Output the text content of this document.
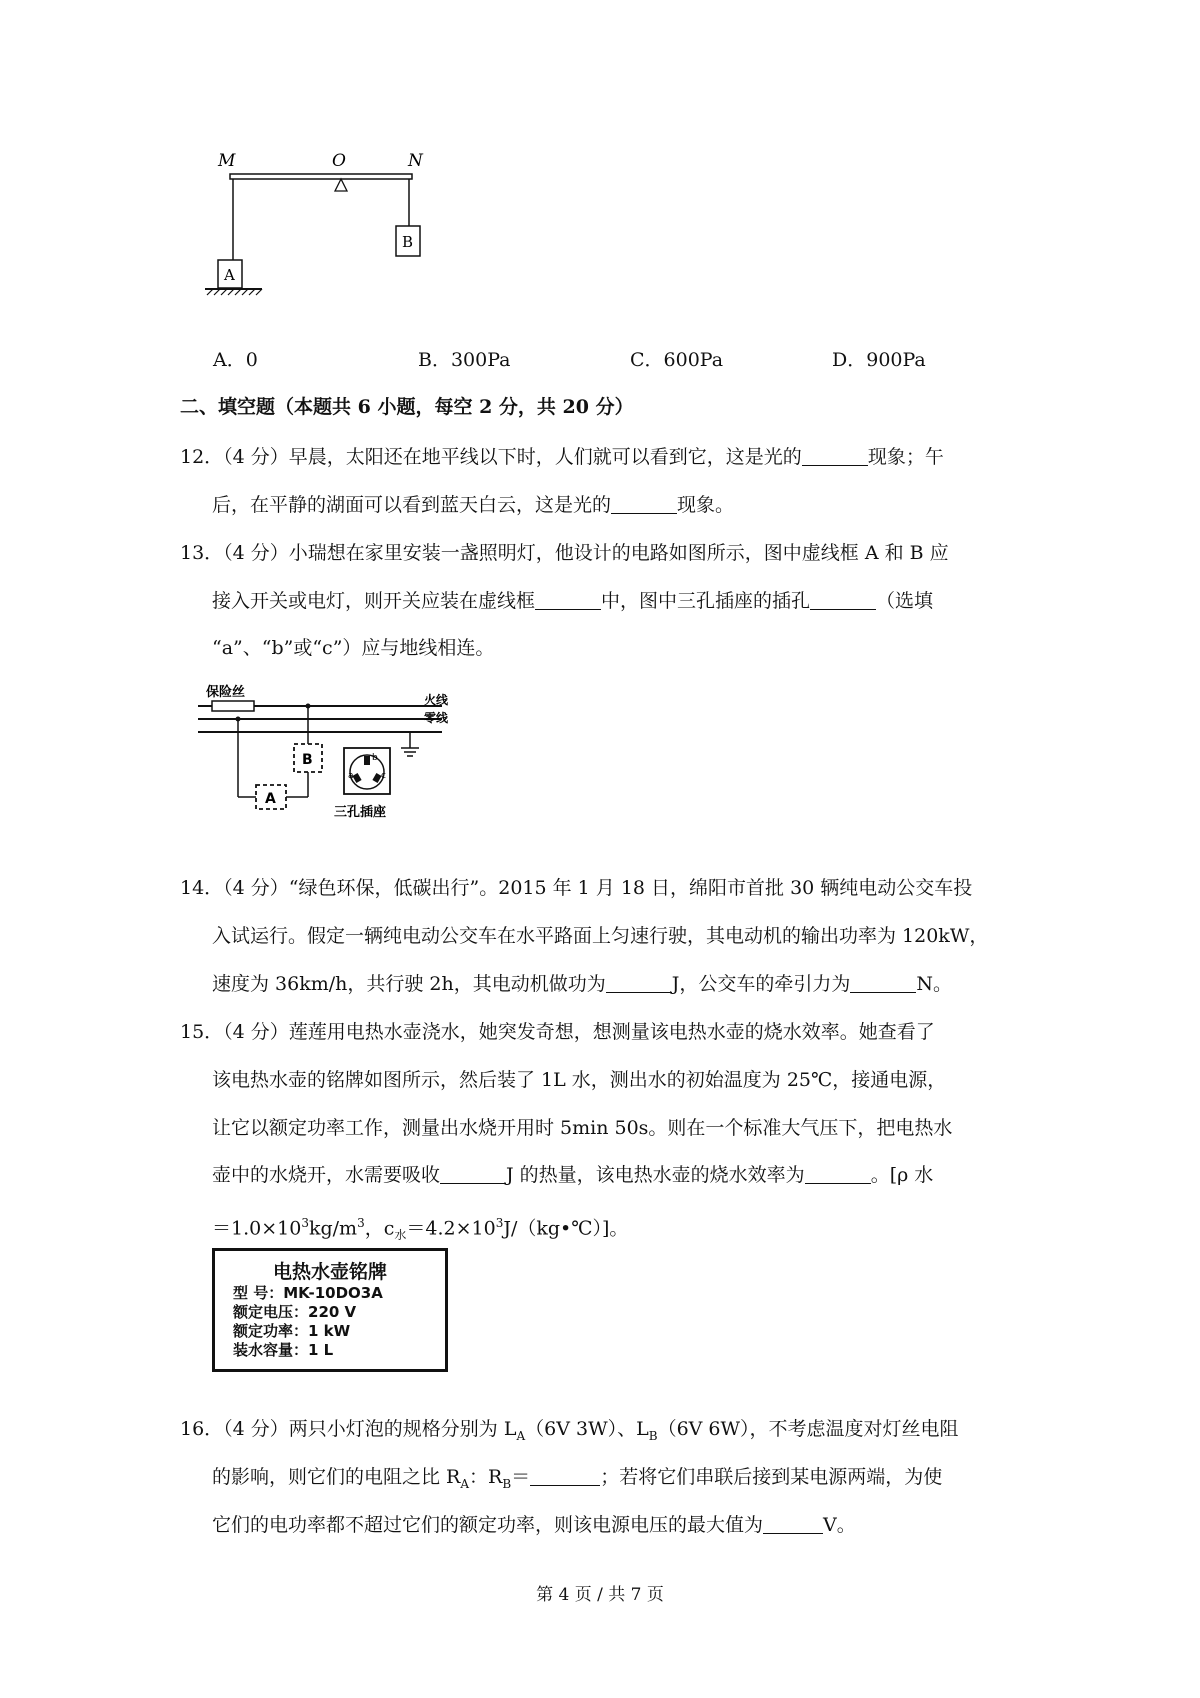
M	O	N
A
B
A．0	B．300Pa	C．600Pa	D．900Pa
二、填空题（本题共 6 小题，每空 2 分，共 20 分）
12．（4 分）早晨，太阳还在地平线以下时，人们就可以看到它，这是光的	现象；午
后，在平静的湖面可以看到蓝天白云，这是光的	现象。
13．（4 分）小瑞想在家里安装一盏照明灯，他设计的电路如图所示，图中虚线框 A 和 B 应
接入开关或电灯，则开关应装在虚线框	中，图中三孔插座的插孔	（选填
“a”、“b”或“c”）应与地线相连。
保险丝	火线
零线
B
A
a
b
c
三孔插座
14．（4 分）“绿色环保，低碳出行”。2015 年 1 月 18 日，绵阳市首批 30 辆纯电动公交车投
入试运行。假定一辆纯电动公交车在水平路面上匀速行驶，其电动机的输出功率为 120kW，
速度为 36km/h，共行驶 2h，其电动机做功为	J，公交车的牵引力为	N。
15．（4 分）莲莲用电热水壶浇水，她突发奇想，想测量该电热水壶的烧水效率。她查看了
该电热水壶的铭牌如图所示，然后装了 1L 水，测出水的初始温度为 25℃，接通电源，
让它以额定功率工作，测量出水烧开用时 5min 50s。则在一个标准大气压下，把电热水
壶中的水烧开，水需要吸收	J 的热量，该电热水壶的烧水效率为	。[ρ 水
$=1.0\times 10^3kg/m^3$，$c_水=4.2\times 10^3J/(kg•℃)$]。
电热水壶铭牌
型 号：MK-10DO3A
额定电压：220 V
额定功率：1 kW
装水容量：1 L
16．（4 分）两只小灯泡的规格分别为 $L_A(6V$ 3W）、$L_B(6V$ 6W），不考虑温度对灯丝电阻
的影响，则它们的电阻之比 $R_A$：$R_B=$	；若将它们串联后接到某电源两端，为使
它们的电功率都不超过它们的额定功率，则该电源电压的最大值为	V。
第 4 页 / 共 7 页
